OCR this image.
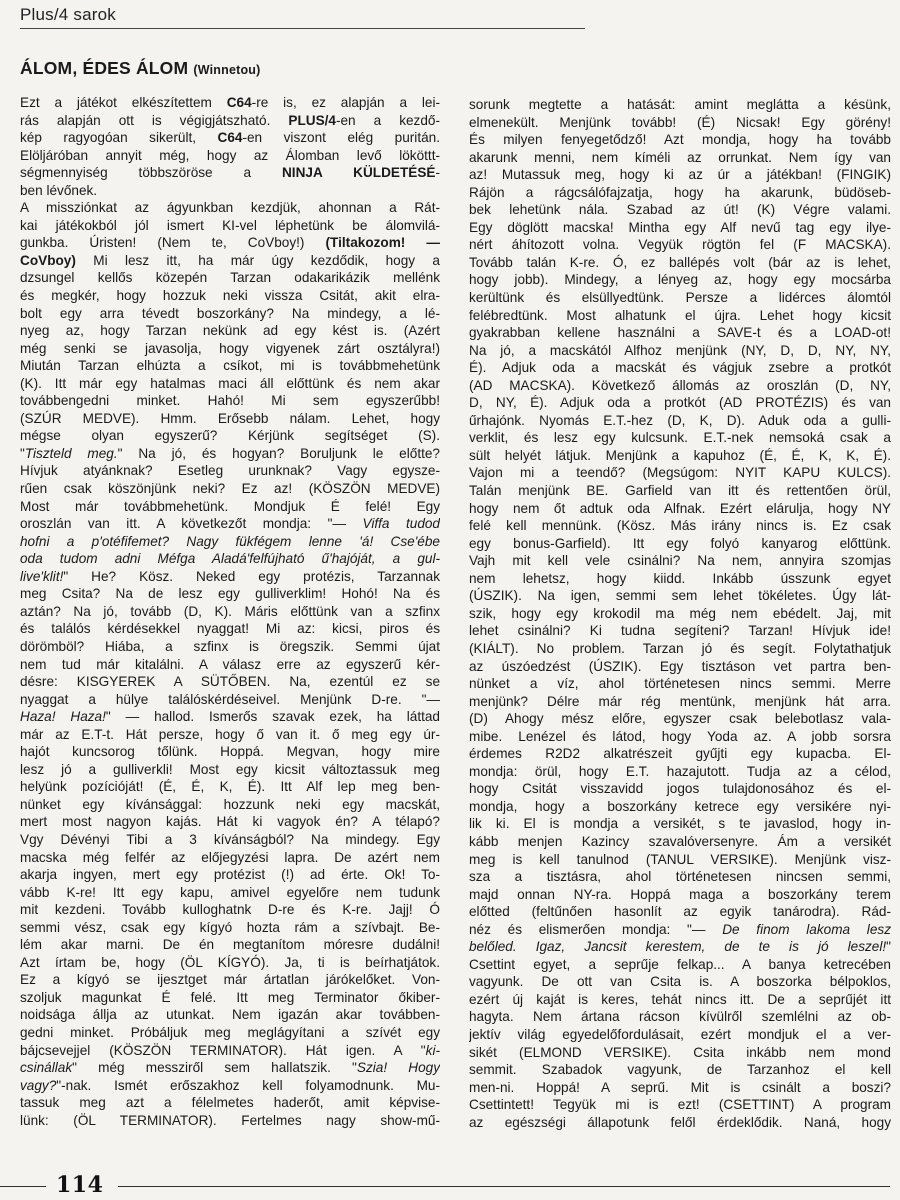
Plus/4 sarok
ÁLOM, ÉDES ÁLOM (Winnetou)
Ezt a játékot elkészítettem C64-re is, ez alapján a lei-
rás alapján ott is végigjátszható. PLUS/4-en a kezdő-
kép ragyogóan sikerült, C64-en viszont elég puritán.
Elöljáróban annyit még, hogy az Álomban levő lököttt-
ségmennyiség többszöröse a NINJA KÜLDETÉSÉ-
ben lévőnek.
A missziónkat az ágyunkban kezdjük, ahonnan a Rát-
kai játékokból jól ismert KI-vel léphetünk be álomvilá-
gunkba. Úristen! (Nem te, CoVboy!) (Tiltakozom! —
CoVboy) Mi lesz itt, ha már úgy kezdődik, hogy a
dzsungel kellős közepén Tarzan odakarikázik mellénk
és megkér, hogy hozzuk neki vissza Csitát, akit elra-
bolt egy arra tévedt boszorkány? Na mindegy, a lé-
nyeg az, hogy Tarzan nekünk ad egy kést is. (Azért
még senki se javasolja, hogy vigyenek zárt osztályra!)
Miután Tarzan elhúzta a csíkot, mi is továbbmehetünk
(K). Itt már egy hatalmas maci áll előttünk és nem akar
továbbengedni minket. Hahó! Mi sem egyszerűbb!
(SZÚR MEDVE). Hmm. Erősebb nálam. Lehet, hogy
mégse olyan egyszerű? Kérjünk segítséget (S).
"Tiszteld meg." Na jó, és hogyan? Boruljunk le előtte?
Hívjuk atyánknak? Esetleg urunknak? Vagy egysze-
rűen csak köszönjünk neki? Ez az! (KÖSZÖN MEDVE)
Most már továbbmehetünk. Mondjuk É felé! Egy
oroszlán van itt. A következőt mondja: "— Viffa tudod
hofni a p'otéfifemet? Nagy fükfégem lenne 'á! Cse'ébe
oda tudom adni Méfga Aladá'felfújható ű'hajóját, a gul-
live'klit!" He? Kösz. Neked egy protézis, Tarzannak
meg Csita? Na de lesz egy gulliverklim! Hohó! Na és
aztán? Na jó, tovább (D, K). Máris előttünk van a szfinx
és találós kérdésekkel nyaggat! Mi az: kicsi, piros és
dörömböl? Hiába, a szfinx is öregszik. Semmi újat
nem tud már kitalálni. A válasz erre az egyszerű kér-
désre: KISGYEREK A SÜTŐBEN. Na, ezentúl ez se
nyaggat a hülye találóskérdéseivel. Menjünk D-re. "—
Haza! Haza!" — hallod. Ismerős szavak ezek, ha láttad
már az E.T-t. Hát persze, hogy ő van it. ő meg egy úr-
hajót kuncsorog tőlünk. Hoppá. Megvan, hogy mire
lesz jó a gulliverkli! Most egy kicsit változtassuk meg
helyünk pozícióját! (É, É, K, É). Itt Alf lep meg ben-
nünket egy kívánsággal: hozzunk neki egy macskát,
mert most nagyon kajás. Hát ki vagyok én? A télapó?
Vgy Dévényi Tibi a 3 kívánságból? Na mindegy. Egy
macska még felfér az előjegyzési lapra. De azért nem
akarja ingyen, mert egy protézist (!) ad érte. Ok! To-
vább K-re! Itt egy kapu, amivel egyelőre nem tudunk
mit kezdeni. Tovább kulloghatnk D-re és K-re. Jajj! Ó
semmi vész, csak egy kígyó hozta rám a szívbajt. Be-
lém akar marni. De én megtanítom móresre dudálni!
Azt írtam be, hogy (ÖL KÍGYÓ). Ja, ti is beírhatjátok.
Ez a kígyó se ijesztget már ártatlan járókelőket. Von-
szoljuk magunkat É felé. Itt meg Terminator őkiber-
noidsága állja az utunkat. Nem igazán akar továbben-
gedni minket. Próbáljuk meg meglágyítani a szívét egy
bájcsevejjel (KÖSZÖN TERMINATOR). Hát igen. A "ki-
csinállak" még messziről sem hallatszik. "Szia! Hogy
vagy?"-nak. Ismét erőszakhoz kell folyamodnunk. Mu-
tassuk meg azt a félelmetes haderőt, amit képvise-
lünk: (ÖL TERMINATOR). Fertelmes nagy show-mű-
sorunk megtette a hatását: amint meglátta a késünk,
elmenekült. Menjünk tovább! (É) Nicsak! Egy görény!
És milyen fenyegetődző! Azt mondja, hogy ha tovább
akarunk menni, nem kíméli az orrunkat. Nem így van
az! Mutassuk meg, hogy ki az úr a játékban! (FINGIK)
Rájön a rágcsálófajzatja, hogy ha akarunk, büdöseb-
bek lehetünk nála. Szabad az út! (K) Végre valami.
Egy döglött macska! Mintha egy Alf nevű tag egy ilye-
nért áhítozott volna. Vegyük rögtön fel (F MACSKA).
Tovább talán K-re. Ó, ez ballépés volt (bár az is lehet,
hogy jobb). Mindegy, a lényeg az, hogy egy mocsárba
kerültünk és elsüllyedtünk. Persze a lidérces álomtól
felébredtünk. Most alhatunk el újra. Lehet hogy kicsit
gyakrabban kellene használni a SAVE-t és a LOAD-ot!
Na jó, a macskától Alfhoz menjünk (NY, D, D, NY, NY,
É). Adjuk oda a macskát és vágjuk zsebre a protkót
(AD MACSKA). Következő állomás az oroszlán (D, NY,
D, NY, É). Adjuk oda a protkót (AD PROTÉZIS) és van
űrhajónk. Nyomás E.T.-hez (D, K, D). Aduk oda a gulli-
verklit, és lesz egy kulcsunk. E.T.-nek nemsoká csak a
sült helyét látjuk. Menjünk a kapuhoz (É, É, K, K, É).
Vajon mi a teendő? (Megsúgom: NYIT KAPU KULCS).
Talán menjünk BE. Garfield van itt és rettentően örül,
hogy nem őt adtuk oda Alfnak. Ezért elárulja, hogy NY
felé kell mennünk. (Kösz. Más irány nincs is. Ez csak
egy bonus-Garfield). Itt egy folyó kanyarog előttünk.
Vajh mit kell vele csinálni? Na nem, annyira szomjas
nem lehetsz, hogy kiidd. Inkább ússzunk egyet
(ÚSZIK). Na igen, semmi sem lehet tökéletes. Úgy lát-
szik, hogy egy krokodil ma még nem ebédelt. Jaj, mit
lehet csinálni? Ki tudna segíteni? Tarzan! Hívjuk ide!
(KIÁLT). No problem. Tarzan jó és segít. Folytathatjuk
az úszóedzést (ÚSZIK). Egy tisztáson vet partra ben-
nünket a víz, ahol történetesen nincs semmi. Merre
menjünk? Délre már rég mentünk, menjünk hát arra.
(D) Ahogy mész előre, egyszer csak belebotlasz vala-
mibe. Lenézel és látod, hogy Yoda az. A jobb sorsra
érdemes R2D2 alkatrészeit gyűjti egy kupacba. El-
mondja: örül, hogy E.T. hazajutott. Tudja az a célod,
hogy Csitát visszavidd jogos tulajdonosához és el-
mondja, hogy a boszorkány ketrece egy versikére nyi-
lik ki. El is mondja a versikét, s te javaslod, hogy in-
kább menjen Kazincy szavalóversenyre. Ám a versikét
meg is kell tanulnod (TANUL VERSIKE). Menjünk visz-
sza a tisztásra, ahol történetesen nincsen semmi,
majd onnan NY-ra. Hoppá maga a boszorkány terem
előtted (feltűnően hasonlít az egyik tanárodra). Rád-
néz és elismerően mondja: "— De finom lakoma lesz
belőled. Igaz, Jancsit kerestem, de te is jó leszel!"
Csettint egyet, a seprűje felkap... A banya ketrecében
vagyunk. De ott van Csita is. A boszorka bélpoklos,
ezért új kaját is keres, tehát nincs itt. De a seprűjét itt
hagyta. Nem ártana rácson kívülről szemlélni az ob-
jektív világ egyedelőfordulásait, ezért mondjuk el a ver-
sikét (ELMOND VERSIKE). Csita inkább nem mond
semmit. Szabadok vagyunk, de Tarzanhoz el kell
men-ni. Hoppá! A seprű. Mit is csinált a boszi?
Csettintett! Tegyük mi is ezt! (CSETTINT) A program
az egészségi állapotunk felől érdeklődik. Naná, hogy
114
